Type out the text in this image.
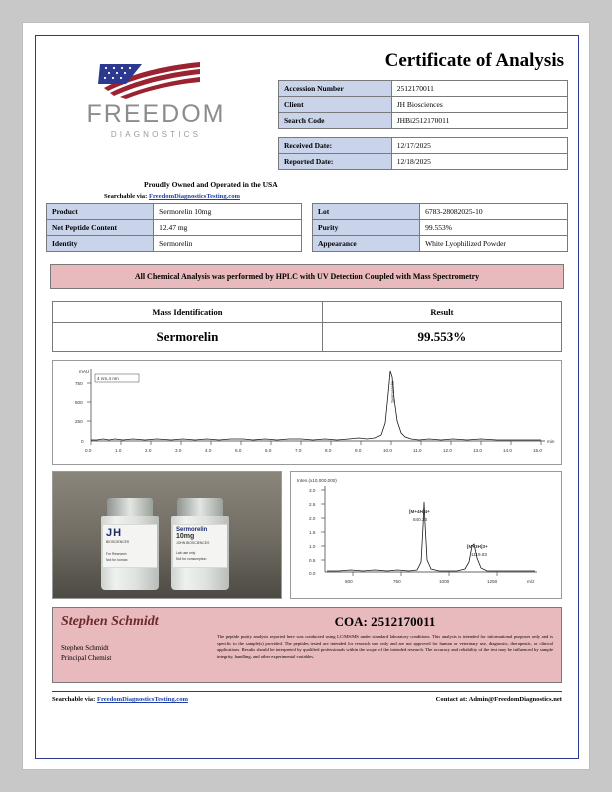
FREEDOM
DIAGNOSTICS
Certificate of Analysis
Accession Number	2512170011
Client	JH Biosciences
Search Code	JHBi2512170011
Received Date:	12/17/2025
Reported Date:	12/18/2025
Proudly Owned and Operated in the USA
Searchable via: FreedomDiagnosticsTesting.com
Product	Sermorelin 10mg
Net Peptide Content	12.47 mg
Identity	Sermorelin
Lot	6783-28082025-10
Purity	99.553%
Appearance	White Lyophilized Powder
All Chemical Analysis was performed by HPLC with UV Detection Coupled with Mass Spectrometry
Mass Identification	Result
Sermorelin	99.553%
mAU
4 nm,4 nm
750
500
250
0
0.0	1.0	2.0	3.0	4.0	5.0	6.0	7.0	8.0	9.0	10.0	11.0	12.0	13.0	14.0	15.0
min
Sermorelin
JH
BIOSCIENCES
For Research
Not for human
Sermorelin
10mg
JOHN BIOSCIENCES
Lab use only
Not for consumption
Inten.(x10,000,000)
3.0
2.5
2.0
1.5
1.0
0.5
0.0
500	750	1000	1250	m/z
[M+4H]4+
840.23
[M+3H]3+
1119.83
Stephen Schmidt
Stephen Schmidt
Principal Chemist
COA: 2512170011
The peptide purity analysis reported here was conducted using LC/MS/MS under standard laboratory conditions. This analysis is intended for informational purposes only and is specific to the sample(s) provided. The peptides tested are intended for research use only and are not approved for human or veterinary use, diagnostic, therapeutic, or clinical applications. Results should be interpreted by qualified professionals within the scope of the intended research. The accuracy and reliability of the test may be influenced by sample integrity, handling, and other experimental variables.
Searchable via: FreedomDiagnosticsTesting.com	Contact at: Admin@FreedomDiagnostics.net
